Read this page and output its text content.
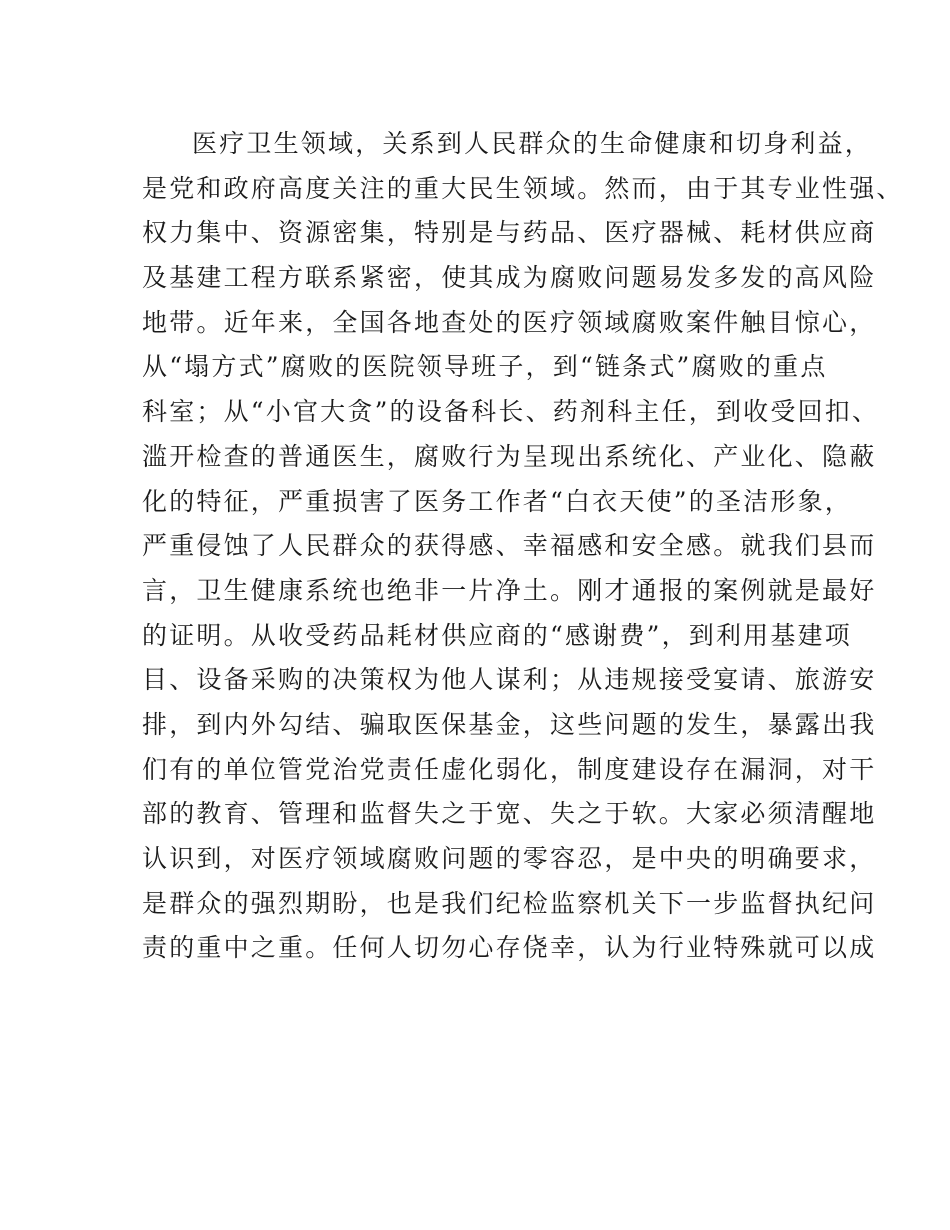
医疗卫生领域，关系到人民群众的生命健康和切身利益，
是党和政府高度关注的重大民生领域。然而，由于其专业性强、
权力集中、资源密集，特别是与药品、医疗器械、耗材供应商
及基建工程方联系紧密，使其成为腐败问题易发多发的高风险
地带。近年来，全国各地查处的医疗领域腐败案件触目惊心，
从“塌方式”腐败的医院领导班子，到“链条式”腐败的重点
科室；从“小官大贪”的设备科长、药剂科主任，到收受回扣、
滥开检查的普通医生，腐败行为呈现出系统化、产业化、隐蔽
化的特征，严重损害了医务工作者“白衣天使”的圣洁形象，
严重侵蚀了人民群众的获得感、幸福感和安全感。就我们县而
言，卫生健康系统也绝非一片净土。刚才通报的案例就是最好
的证明。从收受药品耗材供应商的“感谢费”，到利用基建项
目、设备采购的决策权为他人谋利；从违规接受宴请、旅游安
排，到内外勾结、骗取医保基金，这些问题的发生，暴露出我
们有的单位管党治党责任虚化弱化，制度建设存在漏洞，对干
部的教育、管理和监督失之于宽、失之于软。大家必须清醒地
认识到，对医疗领域腐败问题的零容忍，是中央的明确要求，
是群众的强烈期盼，也是我们纪检监察机关下一步监督执纪问
责的重中之重。任何人切勿心存侥幸，认为行业特殊就可以成
